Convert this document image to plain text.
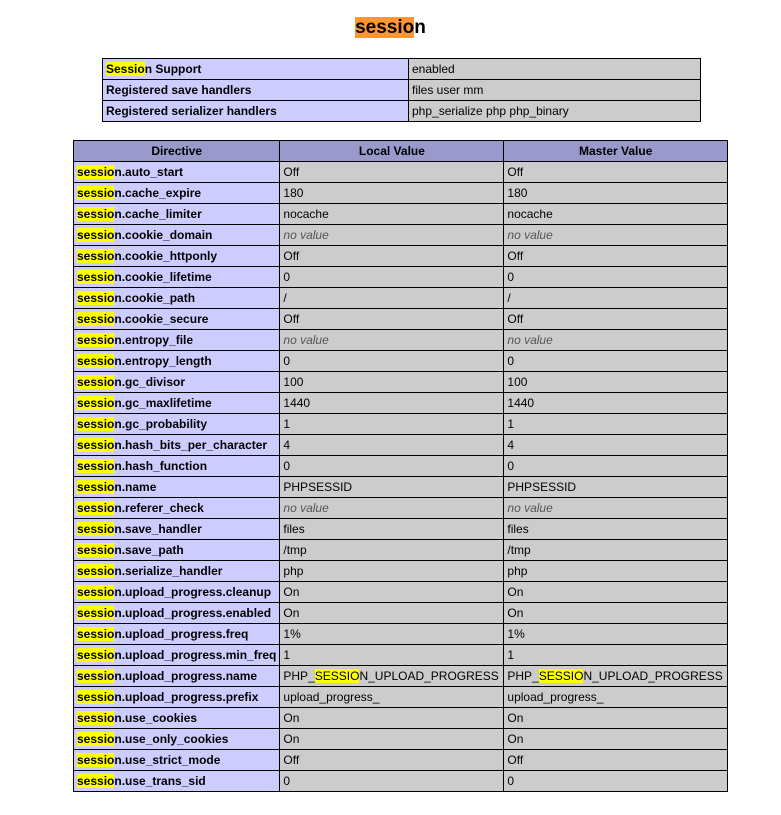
session
Session Support	enabled
Registered save handlers	files user mm
Registered serializer handlers	php_serialize php php_binary
Directive	Local Value	Master Value
session.auto_start	Off	Off
session.cache_expire	180	180
session.cache_limiter	nocache	nocache
session.cookie_domain	no value	no value
session.cookie_httponly	Off	Off
session.cookie_lifetime	0	0
session.cookie_path	/	/
session.cookie_secure	Off	Off
session.entropy_file	no value	no value
session.entropy_length	0	0
session.gc_divisor	100	100
session.gc_maxlifetime	1440	1440
session.gc_probability	1	1
session.hash_bits_per_character	4	4
session.hash_function	0	0
session.name	PHPSESSID	PHPSESSID
session.referer_check	no value	no value
session.save_handler	files	files
session.save_path	/tmp	/tmp
session.serialize_handler	php	php
session.upload_progress.cleanup	On	On
session.upload_progress.enabled	On	On
session.upload_progress.freq	1%	1%
session.upload_progress.min_freq	1	1
session.upload_progress.name	PHP_SESSION_UPLOAD_PROGRESS	PHP_SESSION_UPLOAD_PROGRESS
session.upload_progress.prefix	upload_progress_	upload_progress_
session.use_cookies	On	On
session.use_only_cookies	On	On
session.use_strict_mode	Off	Off
session.use_trans_sid	0	0
